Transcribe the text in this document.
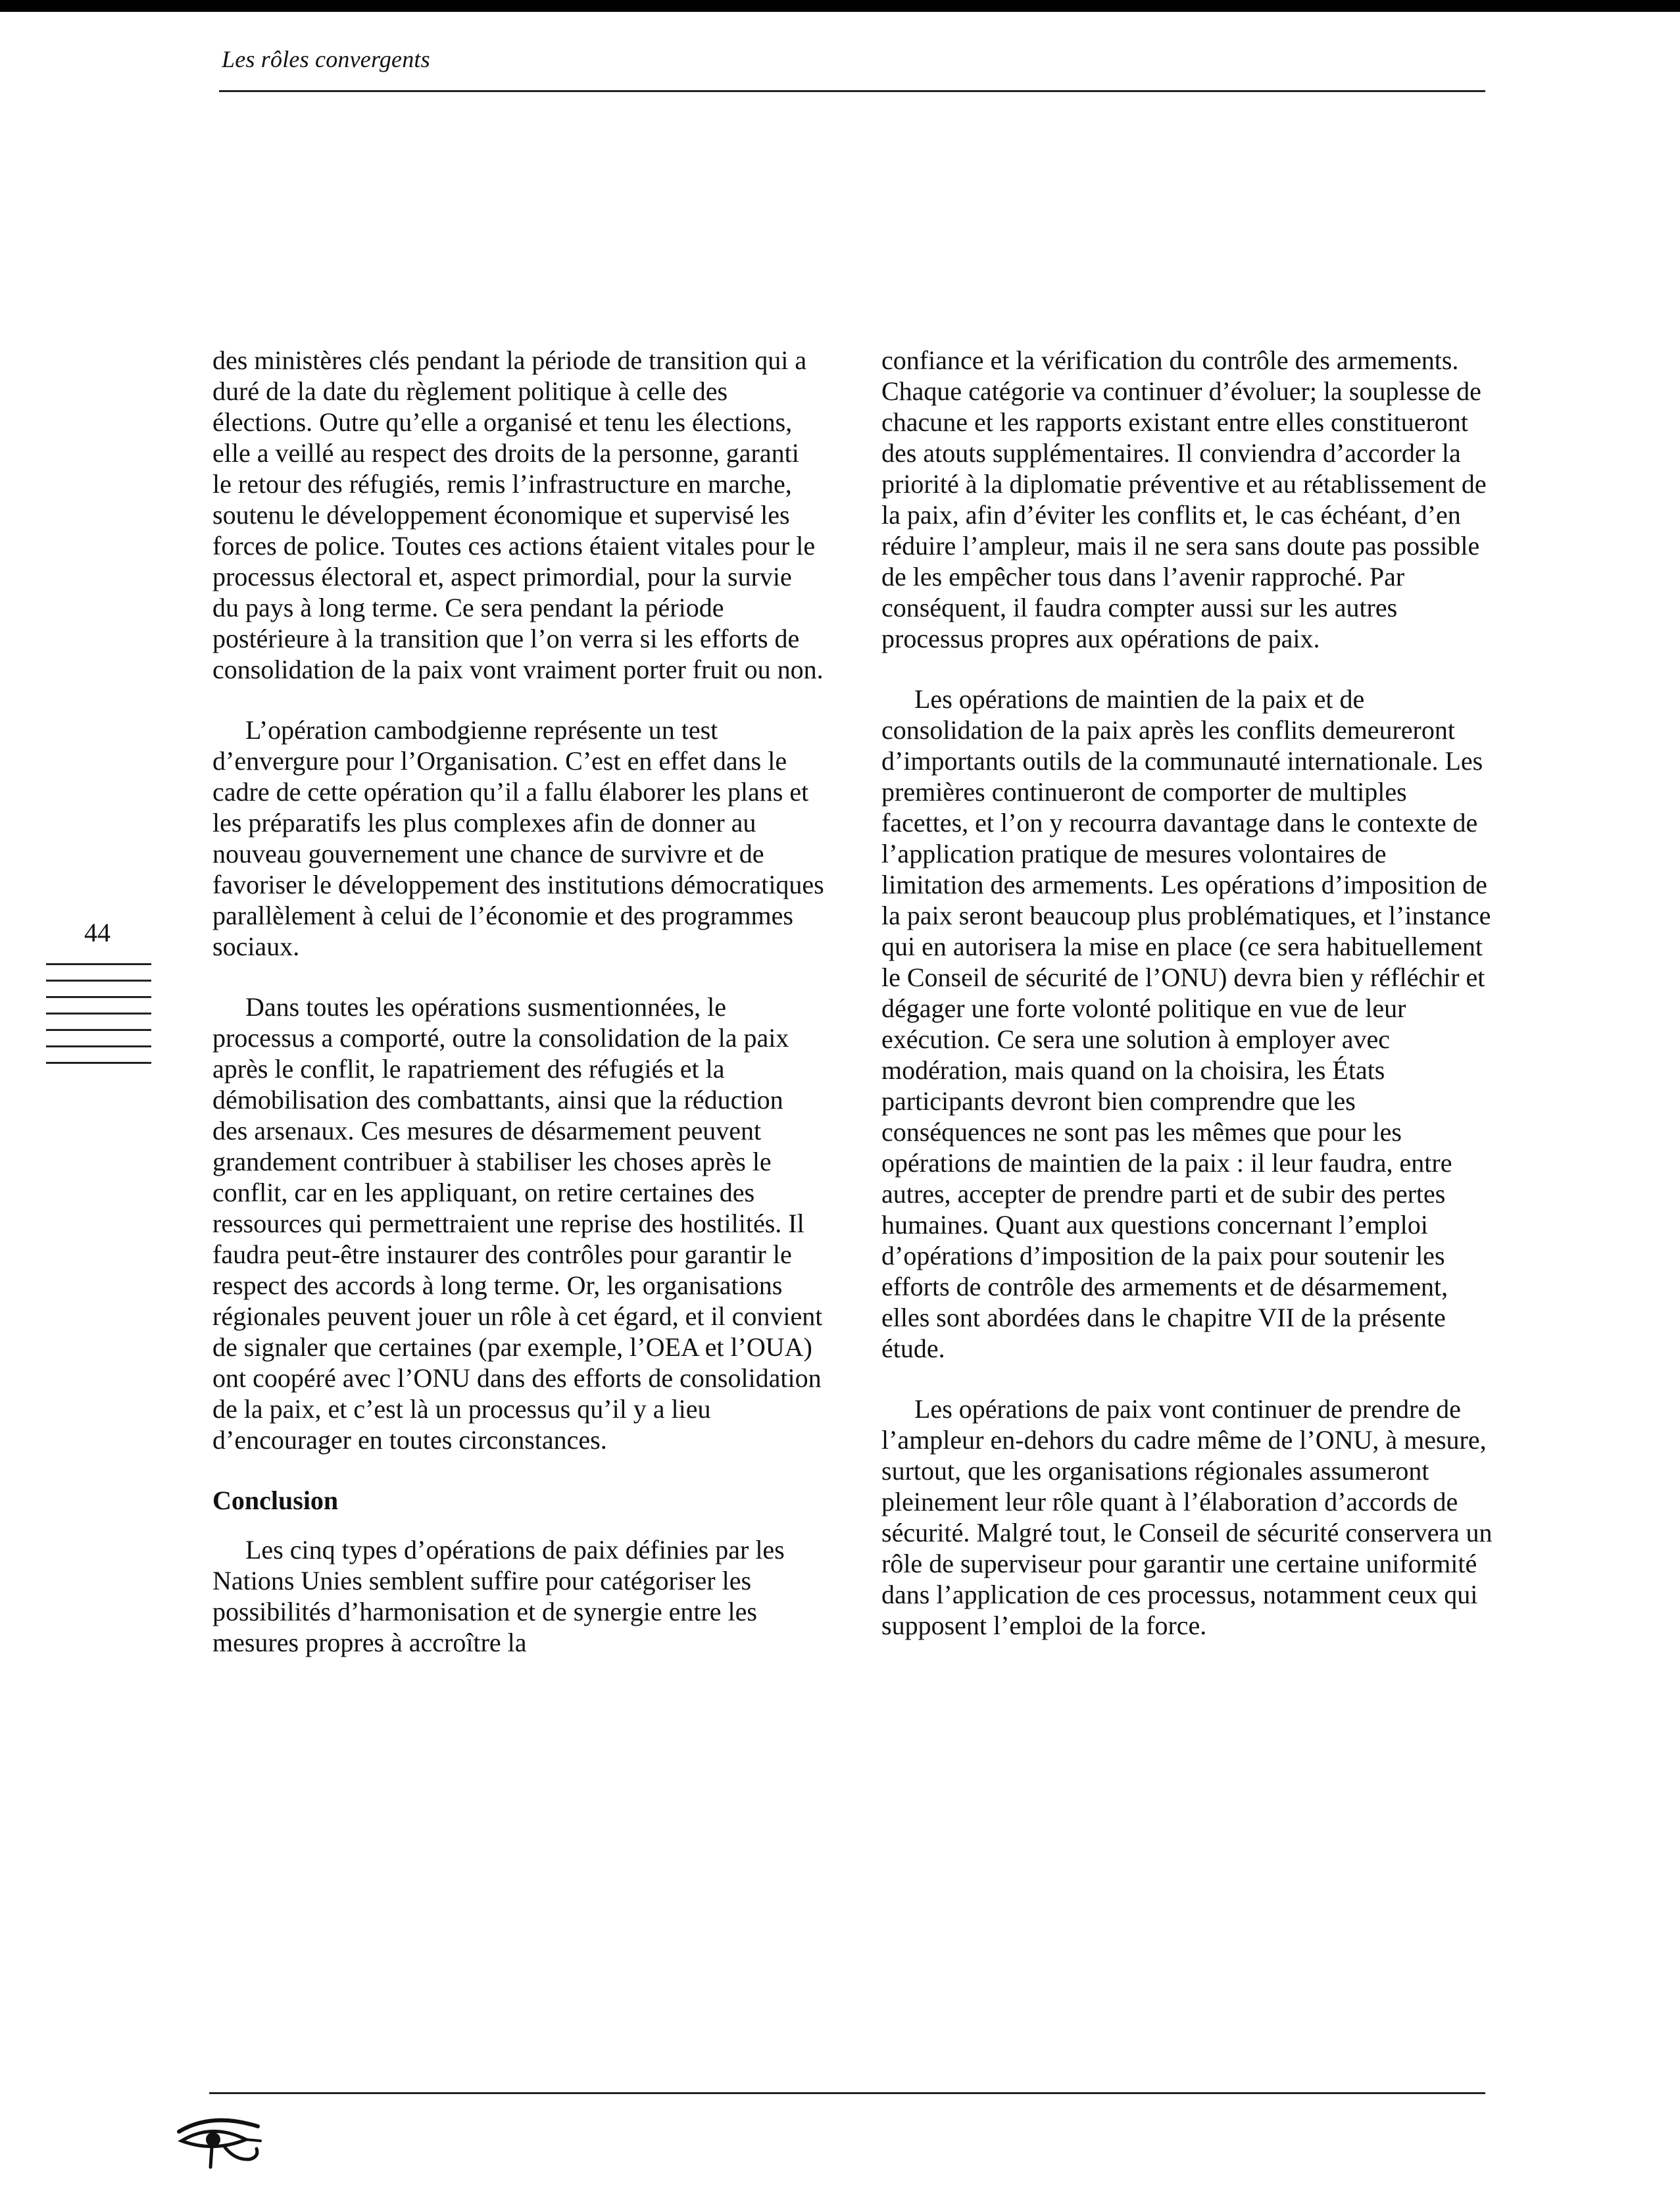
Les rôles convergents
44

des ministères clés pendant la période de transition qui a duré de la date du règlement politique à celle des élections. Outre qu’elle a organisé et tenu les élections, elle a veillé au respect des droits de la personne, garanti le retour des réfugiés, remis l’infrastructure en marche, soutenu le développement économique et supervisé les forces de police. Toutes ces actions étaient vitales pour le processus électoral et, aspect primordial, pour la survie du pays à long terme. Ce sera pendant la période postérieure à la transition que l’on verra si les efforts de consolidation de la paix vont vraiment porter fruit ou non.

L’opération cambodgienne représente un test d’envergure pour l’Organisation. C’est en effet dans le cadre de cette opération qu’il a fallu élaborer les plans et les préparatifs les plus complexes afin de donner au nouveau gouvernement une chance de survivre et de favoriser le développement des institutions démocratiques parallèlement à celui de l’économie et des programmes sociaux.

Dans toutes les opérations susmentionnées, le processus a comporté, outre la consolidation de la paix après le conflit, le rapatriement des réfugiés et la démobilisation des combattants, ainsi que la réduction des arsenaux. Ces mesures de désarmement peuvent grandement contribuer à stabiliser les choses après le conflit, car en les appliquant, on retire certaines des ressources qui permettraient une reprise des hostilités. Il faudra peut-être instaurer des contrôles pour garantir le respect des accords à long terme. Or, les organisations régionales peuvent jouer un rôle à cet égard, et il convient de signaler que certaines (par exemple, l’OEA et l’OUA) ont coopéré avec l’ONU dans des efforts de consolidation de la paix, et c’est là un processus qu’il y a lieu d’encourager en toutes circonstances.

Conclusion

Les cinq types d’opérations de paix définies par les Nations Unies semblent suffire pour catégoriser les possibilités d’harmonisation et de synergie entre les mesures propres à accroître la

confiance et la vérification du contrôle des armements. Chaque catégorie va continuer d’évoluer; la souplesse de chacune et les rapports existant entre elles constitueront des atouts supplémentaires. Il conviendra d’accorder la priorité à la diplomatie préventive et au rétablissement de la paix, afin d’éviter les conflits et, le cas échéant, d’en réduire l’ampleur, mais il ne sera sans doute pas possible de les empêcher tous dans l’avenir rapproché. Par conséquent, il faudra compter aussi sur les autres processus propres aux opérations de paix.

Les opérations de maintien de la paix et de consolidation de la paix après les conflits demeureront d’importants outils de la communauté internationale. Les premières continueront de comporter de multiples facettes, et l’on y recourra davantage dans le contexte de l’application pratique de mesures volontaires de limitation des armements. Les opérations d’imposition de la paix seront beaucoup plus problématiques, et l’instance qui en autorisera la mise en place (ce sera habituellement le Conseil de sécurité de l’ONU) devra bien y réfléchir et dégager une forte volonté politique en vue de leur exécution. Ce sera une solution à employer avec modération, mais quand on la choisira, les États participants devront bien comprendre que les conséquences ne sont pas les mêmes que pour les opérations de maintien de la paix : il leur faudra, entre autres, accepter de prendre parti et de subir des pertes humaines. Quant aux questions concernant l’emploi d’opérations d’imposition de la paix pour soutenir les efforts de contrôle des armements et de désarmement, elles sont abordées dans le chapitre VII de la présente étude.

Les opérations de paix vont continuer de prendre de l’ampleur en-dehors du cadre même de l’ONU, à mesure, surtout, que les organisations régionales assumeront pleinement leur rôle quant à l’élaboration d’accords de sécurité. Malgré tout, le Conseil de sécurité conservera un rôle de superviseur pour garantir une certaine uniformité dans l’application de ces processus, notamment ceux qui supposent l’emploi de la force.
